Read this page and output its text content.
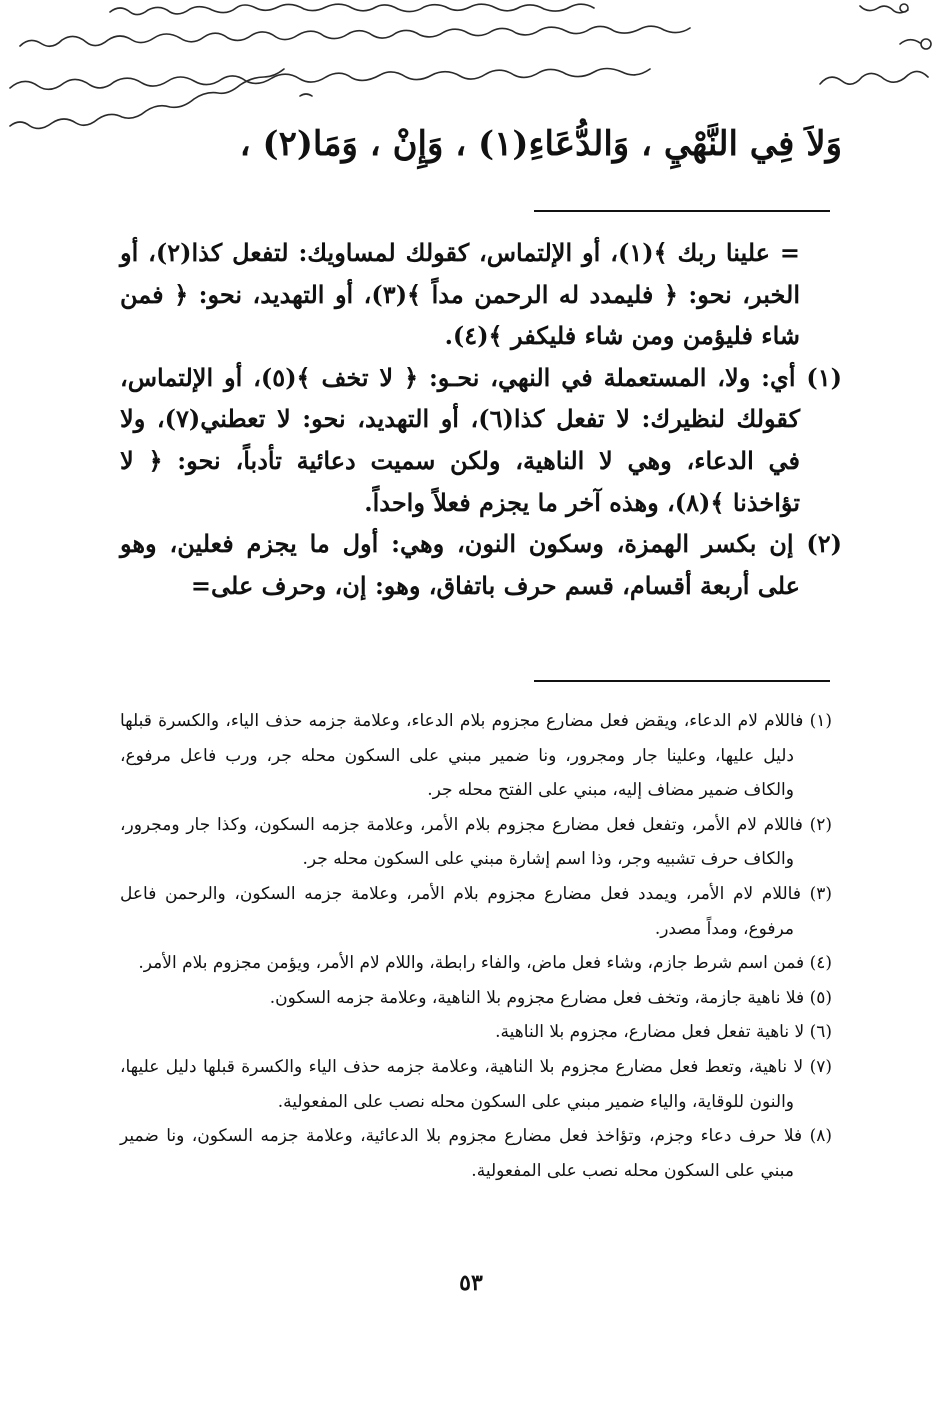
وَلاَ فِي النَّهْيِ ، وَالدُّعَاءِ(١) ، وَإِنْ ، وَمَا(٢) ،

= علينا ربك ﴾(١)، أو الإلتماس، كقولك لمساويك: لتفعل كذا(٢)، أو الخبر، نحو: ﴿ فليمدد له الرحمن مداً ﴾(٣)، أو التهديد، نحو: ﴿ فمن شاء فليؤمن ومن شاء فليكفر ﴾(٤).

(١) أي: ولا، المستعملة في النهي، نحـو: ﴿ لا تخف ﴾(٥)، أو الإلتماس، كقولك لنظيرك: لا تفعل كذا(٦)، أو التهديد، نحو: لا تعطني(٧)، ولا في الدعاء، وهي لا الناهية، ولكن سميت دعائية تأدباً، نحو: ﴿ لا تؤاخذنا ﴾(٨)، وهذه آخر ما يجزم فعلاً واحداً.

(٢) إن بكسر الهمزة، وسكون النون، وهي: أول ما يجزم فعلين، وهو على أربعة أقسام، قسم حرف باتفاق، وهو: إن، وحرف على=

(١) فاللام لام الدعاء، ويقض فعل مضارع مجزوم بلام الدعاء، وعلامة جزمه حذف الياء، والكسرة قبلها دليل عليها، وعلينا جار ومجرور، ونا ضمير مبني على السكون محله جر، ورب فاعل مرفوع، والكاف ضمير مضاف إليه، مبني على الفتح محله جر.

(٢) فاللام لام الأمر، وتفعل فعل مضارع مجزوم بلام الأمر، وعلامة جزمه السكون، وكذا جار ومجرور، والكاف حرف تشبيه وجر، وذا اسم إشارة مبني على السكون محله جر.

(٣) فاللام لام الأمر، ويمدد فعل مضارع مجزوم بلام الأمر، وعلامة جزمه السكون، والرحمن فاعل مرفوع، ومداً مصدر.

(٤) فمن اسم شرط جازم، وشاء فعل ماض، والفاء رابطة، واللام لام الأمر، ويؤمن مجزوم بلام الأمر.

(٥) فلا ناهية جازمة، وتخف فعل مضارع مجزوم بلا الناهية، وعلامة جزمه السكون.

(٦) لا ناهية تفعل فعل مضارع، مجزوم بلا الناهية.

(٧) لا ناهية، وتعط فعل مضارع مجزوم بلا الناهية، وعلامة جزمه حذف الياء والكسرة قبلها دليل عليها، والنون للوقاية، والياء ضمير مبني على السكون محله نصب على المفعولية.

(٨) فلا حرف دعاء وجزم، وتؤاخذ فعل مضارع مجزوم بلا الدعائية، وعلامة جزمه السكون، ونا ضمير مبني على السكون محله نصب على المفعولية.

٥٣
